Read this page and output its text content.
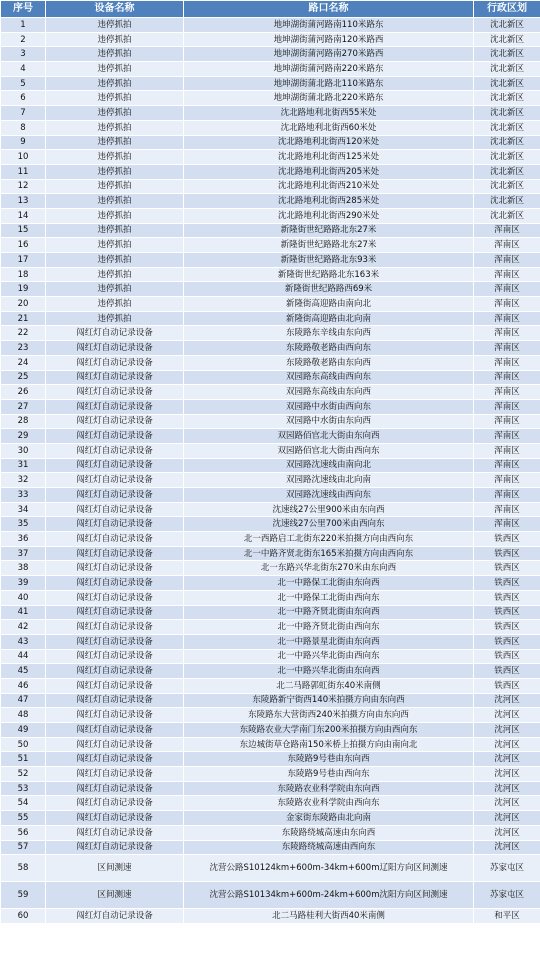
序号	设备名称	路口名称	行政区划
1	违停抓拍	地坤湖街蒲河路南110米路东	沈北新区
2	违停抓拍	地坤湖街蒲河路南120米路西	沈北新区
3	违停抓拍	地坤湖街蒲河路南270米路西	沈北新区
4	违停抓拍	地坤湖街蒲河路南220米路东	沈北新区
5	违停抓拍	地坤湖街蒲北路北110米路东	沈北新区
6	违停抓拍	地坤湖街蒲北路北220米路东	沈北新区
7	违停抓拍	沈北路地利北街西55米处	沈北新区
8	违停抓拍	沈北路地利北街西60米处	沈北新区
9	违停抓拍	沈北路地利北街西120米处	沈北新区
10	违停抓拍	沈北路地利北街西125米处	沈北新区
11	违停抓拍	沈北路地利北街西205米处	沈北新区
12	违停抓拍	沈北路地利北街西210米处	沈北新区
13	违停抓拍	沈北路地利北街西285米处	沈北新区
14	违停抓拍	沈北路地利北街西290米处	沈北新区
15	违停抓拍	新隆街世纪路路北东27米	浑南区
16	违停抓拍	新隆街世纪路路北东27米	浑南区
17	违停抓拍	新隆街世纪路路北东93米	浑南区
18	违停抓拍	新隆街世纪路路北东163米	浑南区
19	违停抓拍	新隆街世纪路路西69米	浑南区
20	违停抓拍	新隆街高迎路由南向北	浑南区
21	违停抓拍	新隆街高迎路由北向南	浑南区
22	闯红灯自动记录设备	东陵路东辛线由东向西	浑南区
23	闯红灯自动记录设备	东陵路敬老路由西向东	浑南区
24	闯红灯自动记录设备	东陵路敬老路由东向西	浑南区
25	闯红灯自动记录设备	双园路东高线由西向东	浑南区
26	闯红灯自动记录设备	双园路东高线由东向西	浑南区
27	闯红灯自动记录设备	双园路中水街由西向东	浑南区
28	闯红灯自动记录设备	双园路中水街由东向西	浑南区
29	闯红灯自动记录设备	双园路佰官北大街由东向西	浑南区
30	闯红灯自动记录设备	双园路佰官北大街由西向东	浑南区
31	闯红灯自动记录设备	双园路沈速线由南向北	浑南区
32	闯红灯自动记录设备	双园路沈速线由北向南	浑南区
33	闯红灯自动记录设备	双园路沈速线由西向东	浑南区
34	闯红灯自动记录设备	沈速线27公里900米由东向西	浑南区
35	闯红灯自动记录设备	沈速线27公里700米由西向东	浑南区
36	闯红灯自动记录设备	北一西路启工北街东220米拍摄方向由西向东	铁西区
37	闯红灯自动记录设备	北一中路齐贤北街东165米拍摄方向由西向东	铁西区
38	闯红灯自动记录设备	北一东路兴华北街东270米由东向西	铁西区
39	闯红灯自动记录设备	北一中路保工北街由东向西	铁西区
40	闯红灯自动记录设备	北一中路保工北街由西向东	铁西区
41	闯红灯自动记录设备	北一中路齐贤北街由东向西	铁西区
42	闯红灯自动记录设备	北一中路齐贤北街由西向东	铁西区
43	闯红灯自动记录设备	北一中路景星北街由东向西	铁西区
44	闯红灯自动记录设备	北一中路兴华北街由西向东	铁西区
45	闯红灯自动记录设备	北一中路兴华北街由东向西	铁西区
46	闯红灯自动记录设备	北二马路郭虹街东40米南侧	铁西区
47	闯红灯自动记录设备	东陵路新宁街西140米拍摄方向由东向西	沈河区
48	闯红灯自动记录设备	东陵路东大营街西240米拍摄方向由东向西	沈河区
49	闯红灯自动记录设备	东陵路农业大学南门东200米拍摄方向由西向东	沈河区
50	闯红灯自动记录设备	东边城街草仓路南150米桥上拍摄方向由南向北	沈河区
51	闯红灯自动记录设备	东陵路9号巷由东向西	沈河区
52	闯红灯自动记录设备	东陵路9号巷由西向东	沈河区
53	闯红灯自动记录设备	东陵路农业科学院由东向西	沈河区
54	闯红灯自动记录设备	东陵路农业科学院由西向东	沈河区
55	闯红灯自动记录设备	金家街东陵路由北向南	沈河区
56	闯红灯自动记录设备	东陵路绕城高速由东向西	沈河区
57	闯红灯自动记录设备	东陵路绕城高速由西向东	沈河区
58	区间测速	沈营公路S10124km+600m-34km+600m辽阳方向区间测速	苏家屯区
59	区间测速	沈营公路S10134km+600m-24km+600m沈阳方向区间测速	苏家屯区
60	闯红灯自动记录设备	北二马路桂利大街西40米南侧	和平区
